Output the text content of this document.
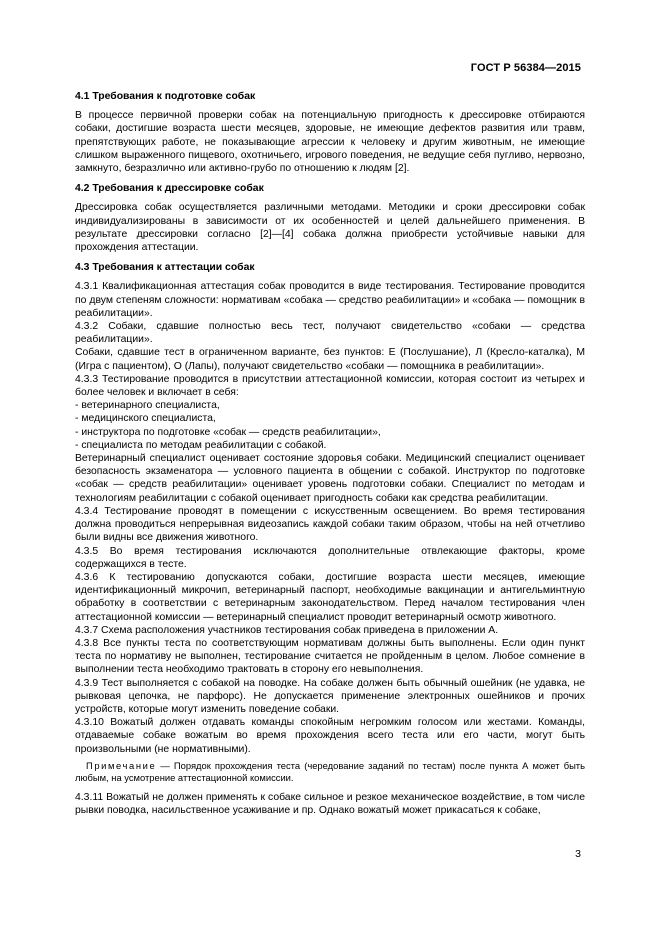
ГОСТ Р 56384—2015
4.1 Требования к подготовке собак

В процессе первичной проверки собак на потенциальную пригодность к дрессировке отбираются собаки, достигшие возраста шести месяцев, здоровые, не имеющие дефектов развития или травм, препятствующих работе, не показывающие агрессии к человеку и другим животным, не имеющие слишком выраженного пищевого, охотничьего, игрового поведения, не ведущие себя пугливо, нервозно, замкнуто, безразлично или активно-грубо по отношению к людям [2].

4.2 Требования к дрессировке собак

Дрессировка собак осуществляется различными методами. Методики и сроки дрессировки собак индивидуализированы в зависимости от их особенностей и целей дальнейшего применения. В результате дрессировки согласно [2]—[4] собака должна приобрести устойчивые навыки для прохождения аттестации.

4.3 Требования к аттестации собак

4.3.1 Квалификационная аттестация собак проводится в виде тестирования. Тестирование проводится по двум степеням сложности: нормативам «собака — средство реабилитации» и «собака — помощник в реабилитации».

4.3.2 Собаки, сдавшие полностью весь тест, получают свидетельство «собаки — средства реабилитации».

Собаки, сдавшие тест в ограниченном варианте, без пунктов: Е (Послушание), Л (Кресло-каталка), М (Игра с пациентом), О (Лапы), получают свидетельство «собаки — помощника в реабилитации».

4.3.3 Тестирование проводится в присутствии аттестационной комиссии, которая состоит из четырех и более человек и включает в себя:

- ветеринарного специалиста,
- медицинского специалиста,
- инструктора по подготовке «собак — средств реабилитации»,
- специалиста по методам реабилитации с собакой.

Ветеринарный специалист оценивает состояние здоровья собаки. Медицинский специалист оценивает безопасность экзаменатора — условного пациента в общении с собакой. Инструктор по подготовке «собак — средств реабилитации» оценивает уровень подготовки собаки. Специалист по методам и технологиям реабилитации с собакой оценивает пригодность собаки как средства реабилитации.

4.3.4 Тестирование проводят в помещении с искусственным освещением. Во время тестирования должна проводиться непрерывная видеозапись каждой собаки таким образом, чтобы на ней отчетливо были видны все движения животного.

4.3.5 Во время тестирования исключаются дополнительные отвлекающие факторы, кроме содержащихся в тесте.

4.3.6 К тестированию допускаются собаки, достигшие возраста шести месяцев, имеющие идентификационный микрочип, ветеринарный паспорт, необходимые вакцинации и антигельминтную обработку в соответствии с ветеринарным законодательством. Перед началом тестирования член аттестационной комиссии — ветеринарный специалист проводит ветеринарный осмотр животного.

4.3.7 Схема расположения участников тестирования собак приведена в приложении А.

4.3.8 Все пункты теста по соответствующим нормативам должны быть выполнены. Если один пункт теста по нормативу не выполнен, тестирование считается не пройденным в целом. Любое сомнение в выполнении теста необходимо трактовать в сторону его невыполнения.

4.3.9 Тест выполняется с собакой на поводке. На собаке должен быть обычный ошейник (не удавка, не рывковая цепочка, не парфорс). Не допускается применение электронных ошейников и прочих устройств, которые могут изменить поведение собаки.

4.3.10 Вожатый должен отдавать команды спокойным негромким голосом или жестами. Команды, отдаваемые собаке вожатым во время прохождения всего теста или его части, могут быть произвольными (не нормативными).

Примечание — Порядок прохождения теста (чередование заданий по тестам) после пункта А может быть любым, на усмотрение аттестационной комиссии.

4.3.11 Вожатый не должен применять к собаке сильное и резкое механическое воздействие, в том числе рывки поводка, насильственное усаживание и пр. Однако вожатый может прикасаться к собаке,

3
